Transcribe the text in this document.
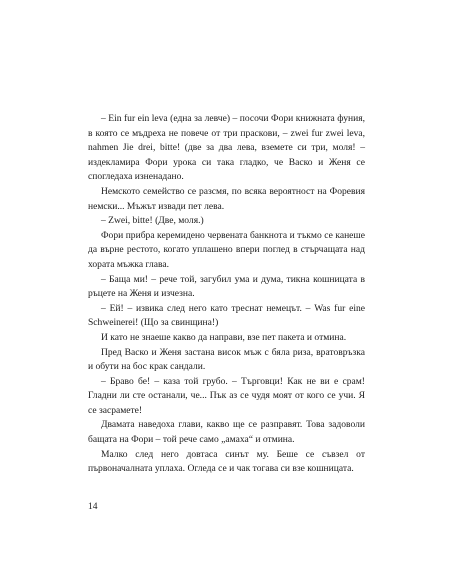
– Ein fur ein leva (една за левче) – посочи Фори книжната фуния, в която се мъдреха не повече от три праскови, – zwei fur zwei leva, nahmen Jie drei, bitte! (две за два лева, вземете си три, моля! – издекламира Фори урока си така гладко, че Васко и Женя се спогледаха изненадано.

Немското семейство се разсмя, по всяка вероятност на Форевия немски... Мъжът извади пет лева.

– Zwei, bitte! (Две, моля.)

Фори прибра керемидено червената банкнота и тъкмо се канеше да върне рестото, когато уплашено впери поглед в стърчащата над хората мъжка глава.

– Баща ми! – рече той, загубил ума и дума, тикна кошницата в ръцете на Женя и изчезна.

– Ей! – извика след него като треснат немецът. – Was fur eine Schweinerei! (Що за свинщина!)

И като не знаеше какво да направи, взе пет пакета и отмина.

Пред Васко и Женя застана висок мъж с бяла риза, вратовръзка и обути на бос крак сандали.

– Браво бе! – каза той грубо. – Търговци! Как не ви е срам! Гладни ли сте останали, че... Пък аз се чудя моят от кого се учи. Я се засрамете!

Двамата наведоха глави, какво ще се разправят. Това задоволи бащата на Фори – той рече само „амаха“ и отмина.

Малко след него довтаса синът му. Беше се съвзел от първоначалната уплаха. Огледа се и чак тогава си взе кошницата.

14
